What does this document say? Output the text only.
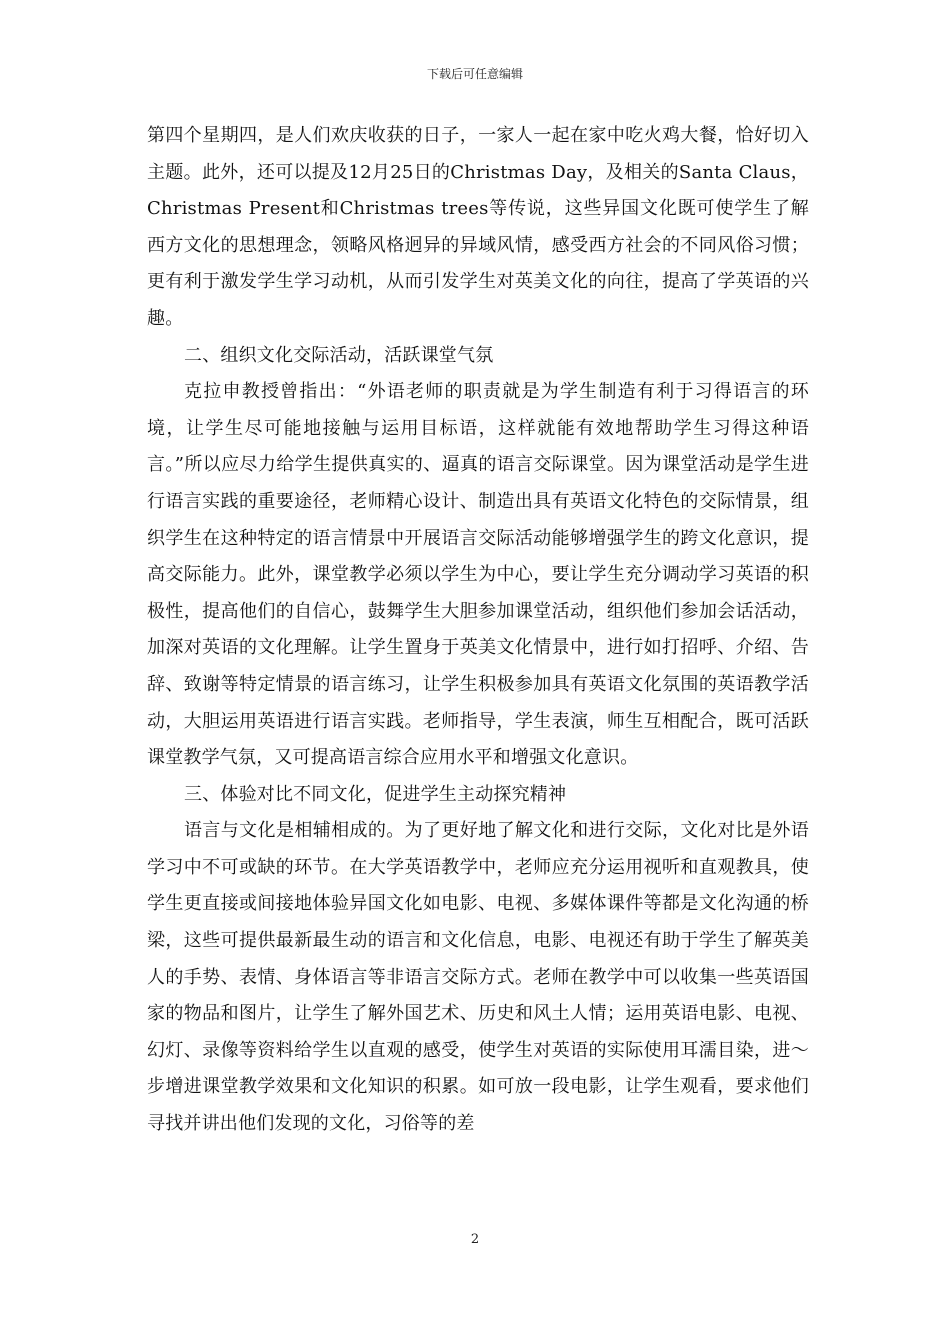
下载后可任意编辑

第四个星期四，是人们欢庆收获的日子，一家人一起在家中吃火鸡大餐，恰好切入主题。此外，还可以提及12月25日的Christmas Day，及相关的Santa Claus，Christmas Present和Christmas trees等传说，这些异国文化既可使学生了解西方文化的思想理念，领略风格迥异的异域风情，感受西方社会的不同风俗习惯；更有利于激发学生学习动机，从而引发学生对英美文化的向往，提高了学英语的兴趣。

二、组织文化交际活动，活跃课堂气氛

克拉申教授曾指出：“外语老师的职责就是为学生制造有利于习得语言的环境，让学生尽可能地接触与运用目标语，这样就能有效地帮助学生习得这种语言。”所以应尽力给学生提供真实的、逼真的语言交际课堂。因为课堂活动是学生进行语言实践的重要途径，老师精心设计、制造出具有英语文化特色的交际情景，组织学生在这种特定的语言情景中开展语言交际活动能够增强学生的跨文化意识，提高交际能力。此外，课堂教学必须以学生为中心，要让学生充分调动学习英语的积极性，提高他们的自信心，鼓舞学生大胆参加课堂活动，组织他们参加会话活动，加深对英语的文化理解。让学生置身于英美文化情景中，进行如打招呼、介绍、告辞、致谢等特定情景的语言练习，让学生积极参加具有英语文化氛围的英语教学活动，大胆运用英语进行语言实践。老师指导，学生表演，师生互相配合，既可活跃课堂教学气氛，又可提高语言综合应用水平和增强文化意识。

三、体验对比不同文化，促进学生主动探究精神

语言与文化是相辅相成的。为了更好地了解文化和进行交际，文化对比是外语学习中不可或缺的环节。在大学英语教学中，老师应充分运用视听和直观教具，使学生更直接或间接地体验异国文化如电影、电视、多媒体课件等都是文化沟通的桥梁，这些可提供最新最生动的语言和文化信息，电影、电视还有助于学生了解英美人的手势、表情、身体语言等非语言交际方式。老师在教学中可以收集一些英语国家的物品和图片，让学生了解外国艺术、历史和风土人情；运用英语电影、电视、幻灯、录像等资料给学生以直观的感受，使学生对英语的实际使用耳濡目染，进～步增进课堂教学效果和文化知识的积累。如可放一段电影，让学生观看，要求他们寻找并讲出他们发现的文化，习俗等的差

2
